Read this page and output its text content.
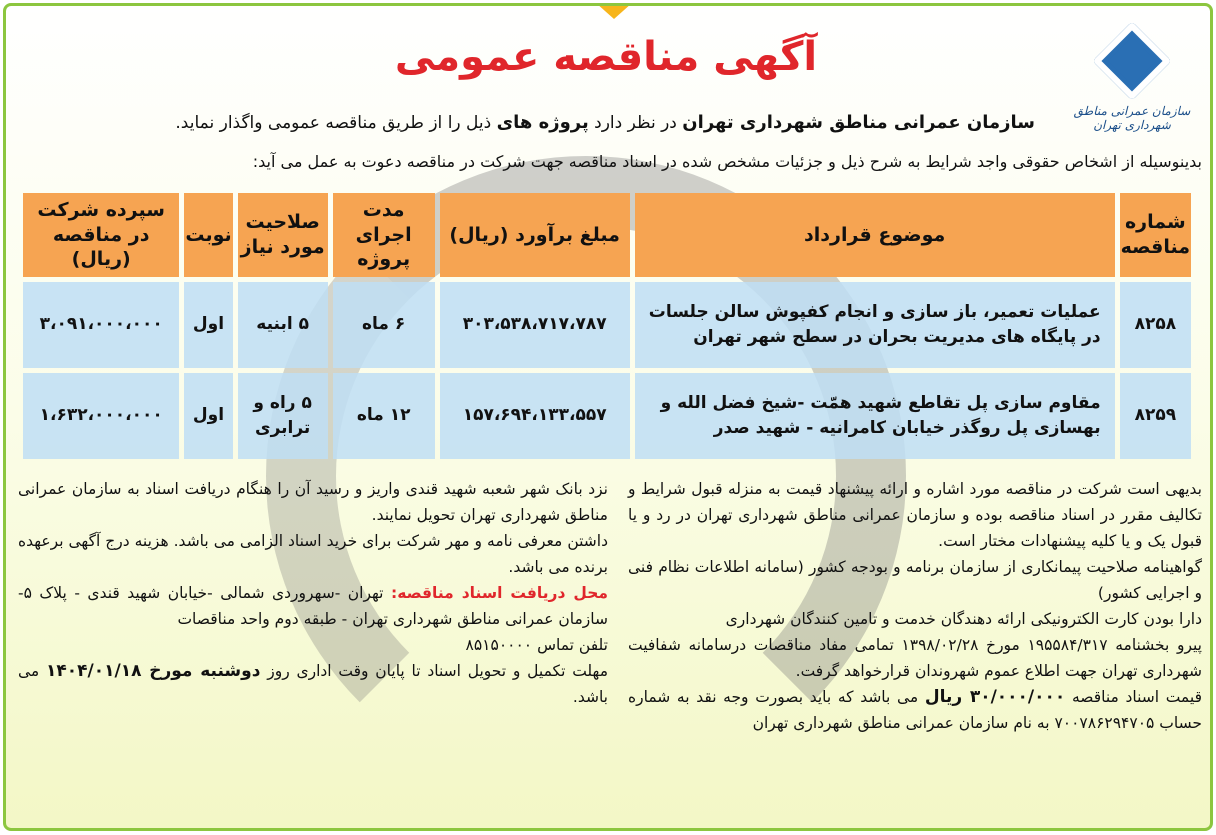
آگهی مناقصه عمومی
سازمان عمرانی مناطق شهرداری تهران
سازمان عمرانی مناطق شهرداری تهران در نظر دارد پروژه های ذیل را از طریق مناقصه عمومی واگذار نماید.
بدینوسیله از اشخاص حقوقی واجد شرایط به شرح ذیل و جزئیات مشخص شده در اسناد مناقصه جهت شرکت در مناقصه دعوت به عمل می آید:
شماره مناقصه	موضوع قرارداد	مبلغ برآورد (ریال)	مدت اجرای پروژه	صلاحیت مورد نیاز	نوبت	سپرده شرکت در مناقصه (ریال)
۸۲۵۸	عملیات تعمیر، باز سازی و انجام کفپوش سالن جلسات در پایگاه های مدیریت بحران در سطح شهر تهران	۳۰۳،۵۳۸،۷۱۷،۷۸۷	۶ ماه	۵ ابنیه	اول	۳،۰۹۱،۰۰۰،۰۰۰
۸۲۵۹	مقاوم سازی پل تقاطع شهید همّت -شیخ فضل الله و بهسازی پل روگذر خیابان کامرانیه - شهید صدر	۱۵۷،۶۹۴،۱۳۳،۵۵۷	۱۲ ماه	۵ راه و ترابری	اول	۱،۶۳۲،۰۰۰،۰۰۰

بدیهی است شرکت در مناقصه مورد اشاره و ارائه پیشنهاد قیمت به منزله قبول شرایط و تکالیف مقرر در اسناد مناقصه بوده و سازمان عمرانی مناطق شهرداری تهران در رد و یا قبول یک و یا کلیه پیشنهادات مختار است.

گواهینامه صلاحیت پیمانکاری از سازمان برنامه و بودجه کشور (سامانه اطلاعات نظام فنی و اجرایی کشور)

دارا بودن کارت الکترونیکی ارائه دهندگان خدمت و تامین کنندگان شهرداری

پیرو بخشنامه ۱۹۵۵۸۴/۳۱۷ مورخ ۱۳۹۸/۰۲/۲۸ تمامی مفاد مناقصات درسامانه شفافیت شهرداری تهران جهت اطلاع عموم شهروندان قرارخواهد گرفت.

قیمت اسناد مناقصه ۳۰/۰۰۰/۰۰۰ ریال می باشد که باید بصورت وجه نقد به شماره حساب ۷۰۰۷۸۶۲۹۴۷۰۵ به نام سازمان عمرانی مناطق شهرداری تهران

نزد بانک شهر شعبه شهید قندی واریز و رسید آن را هنگام دریافت اسناد به سازمان عمرانی مناطق شهرداری تهران تحویل نمایند.

داشتن معرفی نامه و مهر شرکت برای خرید اسناد الزامی می باشد. هزینه درج آگهی برعهده برنده می باشد.

محل دریافت اسناد مناقصه: تهران -سهروردی شمالی -خیابان شهید قندی - پلاک ۵- سازمان عمرانی مناطق شهرداری تهران - طبقه دوم واحد مناقصات

تلفن تماس ۸۵۱۵۰۰۰۰

مهلت تکمیل و تحویل اسناد تا پایان وقت اداری روز دوشنبه مورخ ۱۴۰۴/۰۱/۱۸ می باشد.
